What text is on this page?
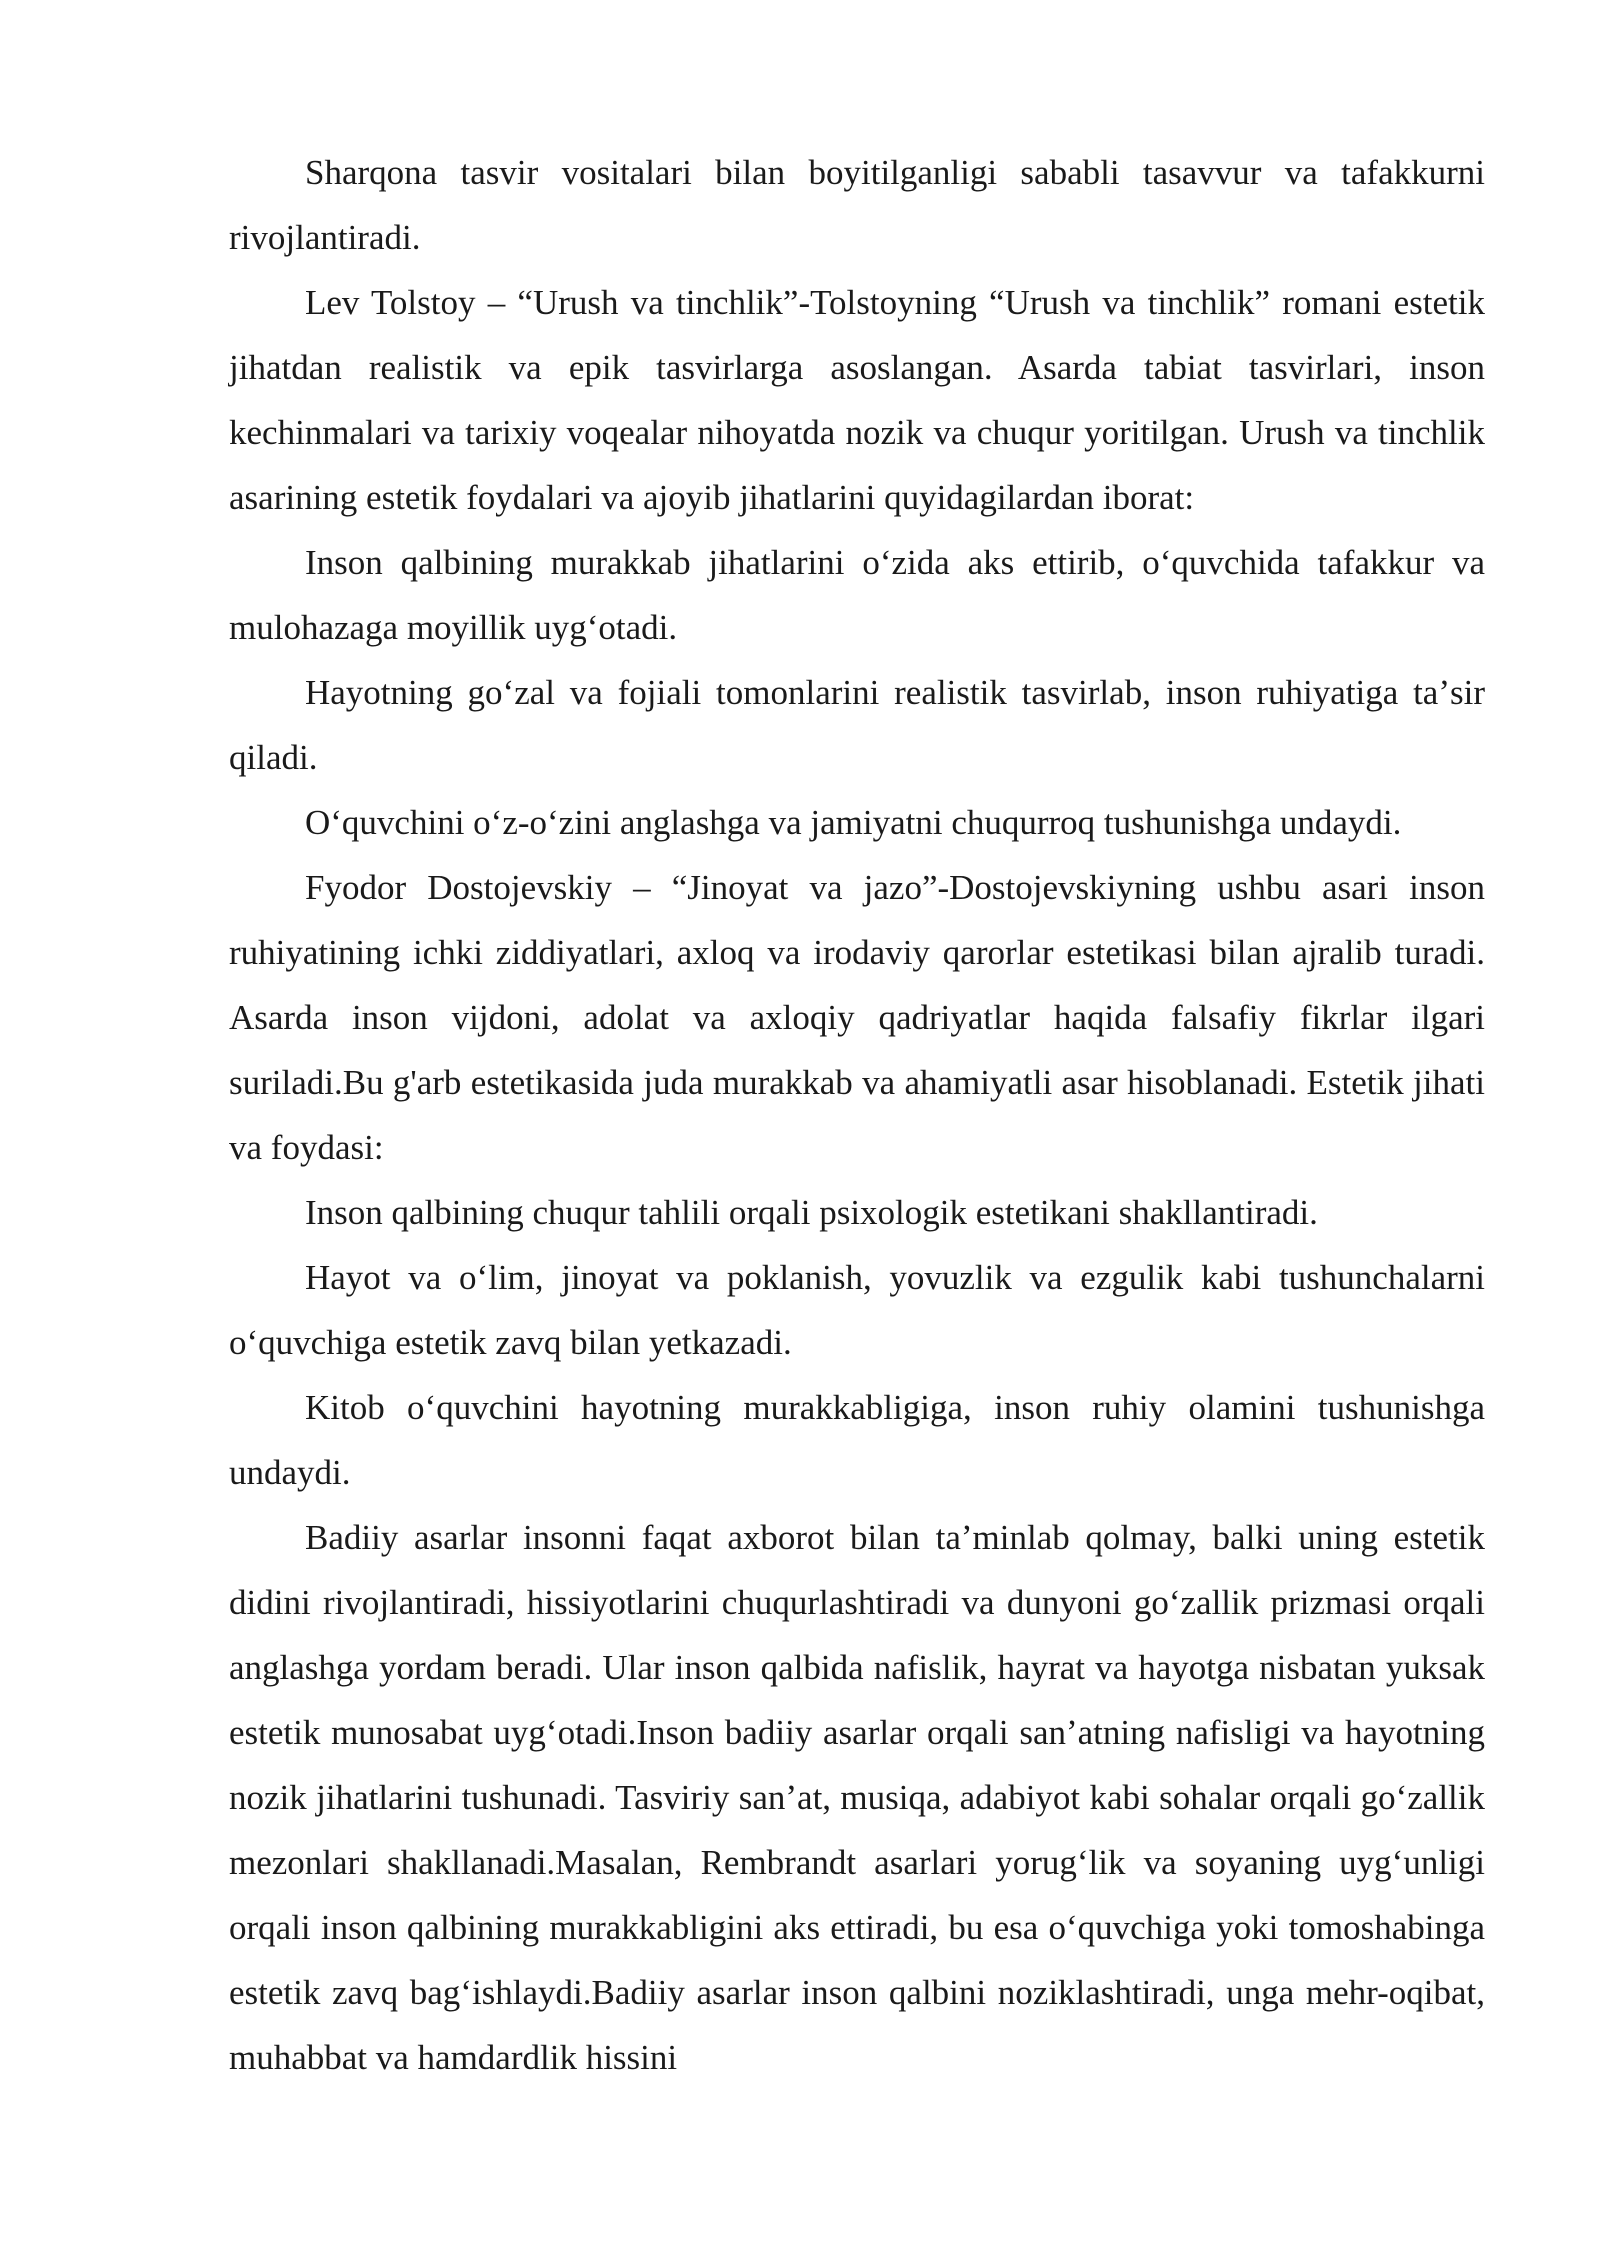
Sharqona tasvir vositalari bilan boyitilganligi sababli tasavvur va tafakkurni rivojlantiradi.

Lev Tolstoy – “Urush va tinchlik”-Tolstoyning “Urush va tinchlik” romani estetik jihatdan realistik va epik tasvirlarga asoslangan. Asarda tabiat tasvirlari, inson kechinmalari va tarixiy voqealar nihoyatda nozik va chuqur yoritilgan. Urush va tinchlik asarining estetik foydalari va ajoyib jihatlarini quyidagilardan iborat:

Inson qalbining murakkab jihatlarini oʻzida aks ettirib, oʻquvchida tafakkur va mulohazaga moyillik uygʻotadi.

Hayotning goʻzal va fojiali tomonlarini realistik tasvirlab, inson ruhiyatiga taʼsir qiladi.

Oʻquvchini oʻz-oʻzini anglashga va jamiyatni chuqurroq tushunishga undaydi.

Fyodor Dostojevskiy – “Jinoyat va jazo”-Dostojevskiyning ushbu asari inson ruhiyatining ichki ziddiyatlari, axloq va irodaviy qarorlar estetikasi bilan ajralib turadi. Asarda inson vijdoni, adolat va axloqiy qadriyatlar haqida falsafiy fikrlar ilgari suriladi.Bu g'arb estetikasida juda murakkab va ahamiyatli asar hisoblanadi. Estetik jihati va foydasi:

Inson qalbining chuqur tahlili orqali psixologik estetikani shakllantiradi.

Hayot va oʻlim, jinoyat va poklanish, yovuzlik va ezgulik kabi tushunchalarni oʻquvchiga estetik zavq bilan yetkazadi.

Kitob oʻquvchini hayotning murakkabligiga, inson ruhiy olamini tushunishga undaydi.

Badiiy asarlar insonni faqat axborot bilan taʼminlab qolmay, balki uning estetik didini rivojlantiradi, hissiyotlarini chuqurlashtiradi va dunyoni goʻzallik prizmasi orqali anglashga yordam beradi. Ular inson qalbida nafislik, hayrat va hayotga nisbatan yuksak estetik munosabat uygʻotadi.Inson badiiy asarlar orqali sanʼatning nafisligi va hayotning nozik jihatlarini tushunadi. Tasviriy sanʼat, musiqa, adabiyot kabi sohalar orqali goʻzallik mezonlari shakllanadi.Masalan, Rembrandt asarlari yorugʻlik va soyaning uygʻunligi orqali inson qalbining murakkabligini aks ettiradi, bu esa oʻquvchiga yoki tomoshabinga estetik zavq bagʻishlaydi.Badiiy asarlar inson qalbini noziklashtiradi, unga mehr-oqibat, muhabbat va hamdardlik hissini
